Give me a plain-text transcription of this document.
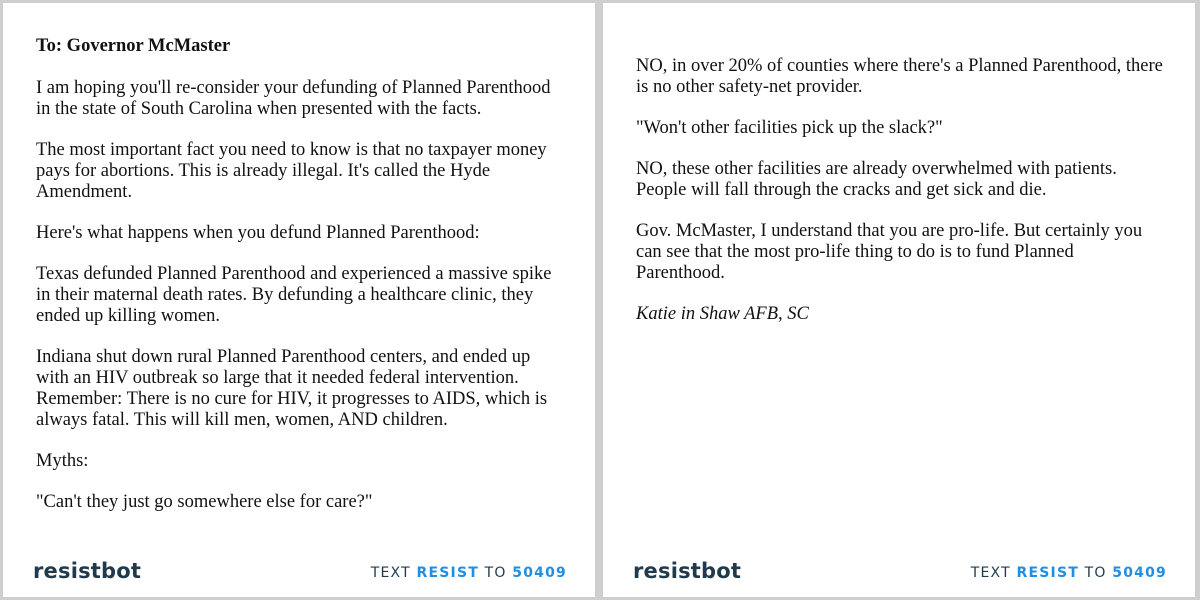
To: Governor McMaster

I am hoping you'll re-consider your defunding of Planned Parenthood in the state of South Carolina when presented with the facts.

The most important fact you need to know is that no taxpayer money pays for abortions. This is already illegal. It's called the Hyde Amendment.

Here's what happens when you defund Planned Parenthood:

Texas defunded Planned Parenthood and experienced a massive spike in their maternal death rates. By defunding a healthcare clinic, they ended up killing women.

Indiana shut down rural Planned Parenthood centers, and ended up with an HIV outbreak so large that it needed federal intervention. Remember: There is no cure for HIV, it progresses to AIDS, which is always fatal. This will kill men, women, AND children.

Myths:

"Can't they just go somewhere else for care?"

resistbot	TEXT RESIST TO 50409

NO, in over 20% of counties where there's a Planned Parenthood, there is no other safety-net provider.

"Won't other facilities pick up the slack?"

NO, these other facilities are already overwhelmed with patients. People will fall through the cracks and get sick and die.

Gov. McMaster, I understand that you are pro-life. But certainly you can see that the most pro-life thing to do is to fund Planned Parenthood.

Katie in Shaw AFB, SC

resistbot	TEXT RESIST TO 50409
